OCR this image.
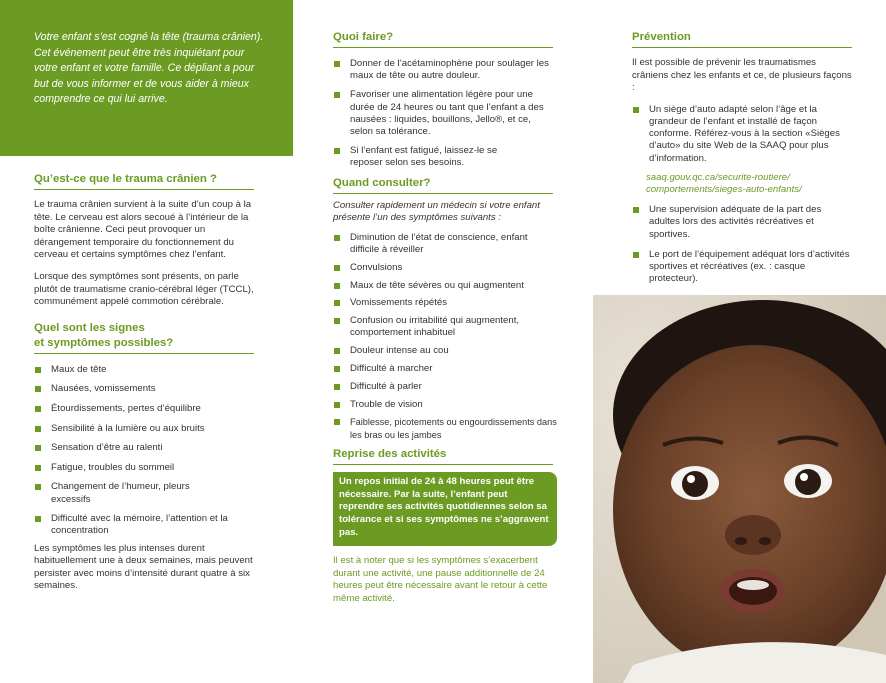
Votre enfant s’est cogné la tête (trauma crânien). Cet événement peut être très inquiétant pour votre enfant et votre famille. Ce dépliant a pour but de vous informer et de vous aider à mieux comprendre ce qui lui arrive.

Qu’est-ce que le trauma crânien ?

Le trauma crânien survient à la suite d’un coup à la tête. Le cerveau est alors secoué à l’intérieur de la boîte crânienne. Ceci peut provoquer un dérangement temporaire du fonctionnement du cerveau et certains symptômes chez l’enfant.

Lorsque des symptômes sont présents, on parle plutôt de traumatisme cranio-cérébral léger (TCCL), communément appelé commotion cérébrale.

Quel sont les signes
et symptômes possibles?
Maux de tête
Nausées, vomissements
Étourdissements, pertes d’équilibre
Sensibilité à la lumière ou aux bruits
Sensation d’être au ralenti
Fatigue, troubles du sommeil
Changement de l’humeur, pleurs excessifs
Difficulté avec la mémoire, l’attention et la concentration

Les symptômes les plus intenses durent habituellement une à deux semaines, mais peuvent persister avec moins d’intensité durant quatre à six semaines.

Quoi faire?
Donner de l’acétaminophène pour soulager les maux de tête ou autre douleur.
Favoriser une alimentation légère pour une durée de 24 heures ou tant que l’enfant a des nausées : liquides, bouillons, Jello®, et ce, selon sa tolérance.
Si l’enfant est fatigué, laissez-le se reposer selon ses besoins.
Quand consulter?

Consulter rapidement un médecin si votre enfant présente l’un des symptômes suivants :

Diminution de l’état de conscience, enfant difficile à réveiller
Convulsions
Maux de tête sévères ou qui augmentent
Vomissements répétés
Confusion ou irritabilité qui augmentent, comportement inhabituel
Douleur intense au cou
Difficulté à marcher
Difficulté à parler
Trouble de vision
Faiblesse, picotements ou engourdissements dans les bras ou les jambes
Reprise des activités
Un repos initial de 24 à 48 heures peut être nécessaire. Par la suite, l’enfant peut reprendre ses activités quotidiennes selon sa tolérance et si ses symptômes ne s’aggravent pas.

Il est à noter que si les symptômes s’exacerbent durant une activité, une pause additionnelle de 24 heures peut être nécessaire avant le retour à cette même activité.

Prévention

Il est possible de prévenir les traumatismes crâniens chez les enfants et ce, de plusieurs façons :

Un siège d’auto adapté selon l’âge et la grandeur de l’enfant et installé de façon conforme. Référez-vous à la section «Sièges d’auto» du site Web de la SAAQ pour plus d’information.
saaq.gouv.qc.ca/securite-routiere/ comportements/sieges-auto-enfants/
Une supervision adéquate de la part des adultes lors des activités récréatives et sportives.
Le port de l’équipement adéquat lors d’activités sportives et récréatives (ex. : casque protecteur).
